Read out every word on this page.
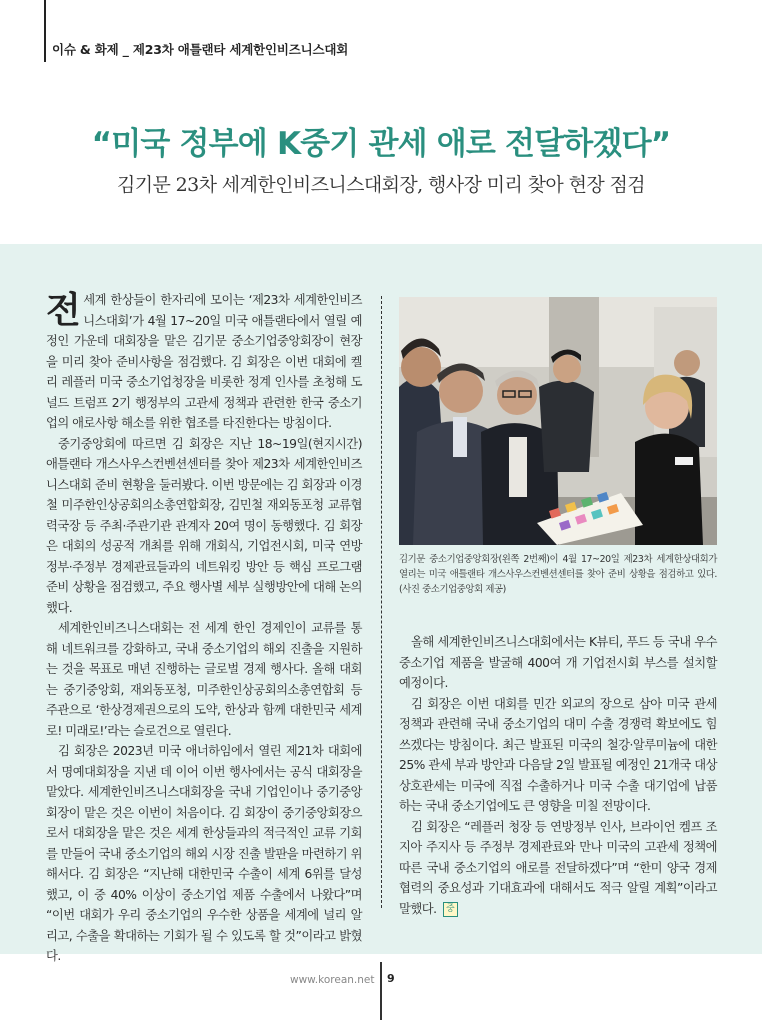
이슈 & 화제 _ 제23차 애틀랜타 세계한인비즈니스대회
“미국 정부에 K중기 관세 애로 전달하겠다”
김기문 23차 세계한인비즈니스대회장, 행사장 미리 찾아 현장 점검

전세계 한상들이 한자리에 모이는 ‘제23차 세계한인비즈니스대회’가 4월 17~20일 미국 애틀랜타에서 열릴 예정인 가운데 대회장을 맡은 김기문 중소기업중앙회장이 현장을 미리 찾아 준비사항을 점검했다. 김 회장은 이번 대회에 켈리 레플러 미국 중소기업청장을 비롯한 정계 인사를 초청해 도널드 트럼프 2기 행정부의 고관세 정책과 관련한 한국 중소기업의 애로사항 해소를 위한 협조를 타진한다는 방침이다.

중기중앙회에 따르면 김 회장은 지난 18~19일(현지시간) 애틀랜타 개스사우스컨벤션센터를 찾아 제23차 세계한인비즈니스대회 준비 현황을 둘러봤다. 이번 방문에는 김 회장과 이경철 미주한인상공회의소총연합회장, 김민철 재외동포청 교류협력국장 등 주최·주관기관 관계자 20여 명이 동행했다. 김 회장은 대회의 성공적 개최를 위해 개회식, 기업전시회, 미국 연방정부·주정부 경제관료들과의 네트워킹 방안 등 핵심 프로그램 준비 상황을 점검했고, 주요 행사별 세부 실행방안에 대해 논의했다.

세계한인비즈니스대회는 전 세계 한인 경제인이 교류를 통해 네트워크를 강화하고, 국내 중소기업의 해외 진출을 지원하는 것을 목표로 매년 진행하는 글로벌 경제 행사다. 올해 대회는 중기중앙회, 재외동포청, 미주한인상공회의소총연합회 등 주관으로 ‘한상경제권으로의 도약, 한상과 함께 대한민국 세계로! 미래로!’라는 슬로건으로 열린다.

김 회장은 2023년 미국 애너하임에서 열린 제21차 대회에서 명예대회장을 지낸 데 이어 이번 행사에서는 공식 대회장을 맡았다. 세계한인비즈니스대회장을 국내 기업인이나 중기중앙회장이 맡은 것은 이번이 처음이다. 김 회장이 중기중앙회장으로서 대회장을 맡은 것은 세계 한상들과의 적극적인 교류 기회를 만들어 국내 중소기업의 해외 시장 진출 발판을 마련하기 위해서다. 김 회장은 “지난해 대한민국 수출이 세계 6위를 달성했고, 이 중 40% 이상이 중소기업 제품 수출에서 나왔다”며 “이번 대회가 우리 중소기업의 우수한 상품을 세계에 널리 알리고, 수출을 확대하는 기회가 될 수 있도록 할 것”이라고 밝혔다.

김기문 중소기업중앙회장(왼쪽 2번째)이 4월 17~20일 제23차 세계한상대회가 열리는 미국 애틀랜타 개스사우스컨벤션센터를 찾아 준비 상황을 점검하고 있다.(사진 중소기업중앙회 제공)

올해 세계한인비즈니스대회에서는 K뷰티, 푸드 등 국내 우수 중소기업 제품을 발굴해 400여 개 기업전시회 부스를 설치할 예정이다.

김 회장은 이번 대회를 민간 외교의 장으로 삼아 미국 관세 정책과 관련해 국내 중소기업의 대미 수출 경쟁력 확보에도 힘쓰겠다는 방침이다. 최근 발표된 미국의 철강·알루미늄에 대한 25% 관세 부과 방안과 다음달 2일 발표될 예정인 21개국 대상 상호관세는 미국에 직접 수출하거나 미국 수출 대기업에 납품하는 국내 중소기업에도 큰 영향을 미칠 전망이다.

김 회장은 “레플러 청장 등 연방정부 인사, 브라이언 켐프 조지아 주지사 등 주정부 경제관료와 만나 미국의 고관세 정책에 따른 국내 중소기업의 애로를 전달하겠다”며 “한미 양국 경제협력의 중요성과 기대효과에 대해서도 적극 알릴 계획”이라고 말했다. 중

www.korean.net 9
